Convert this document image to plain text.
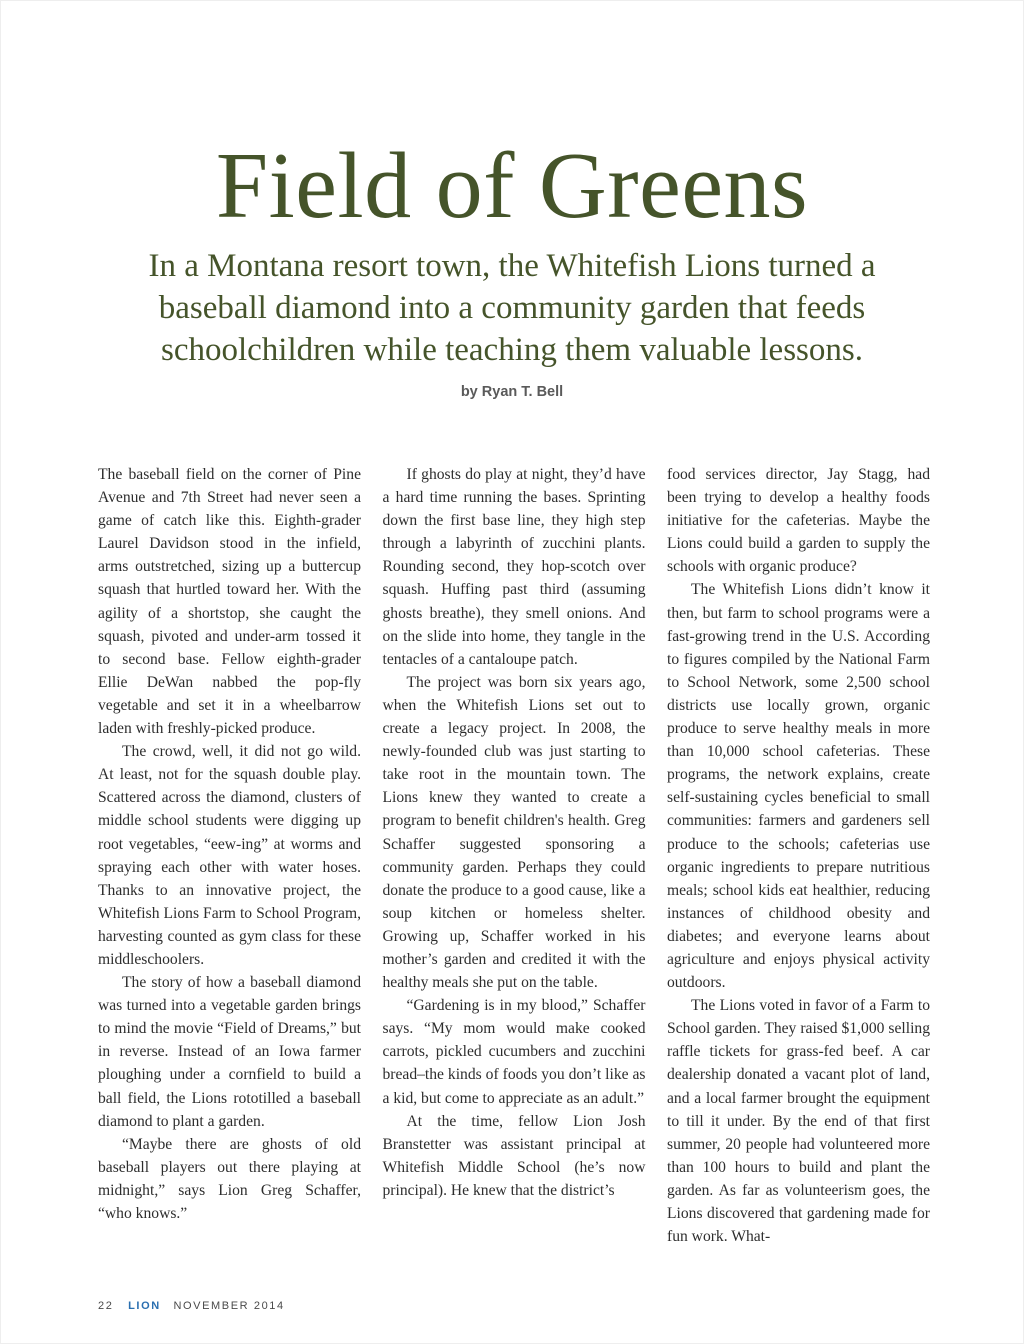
Field of Greens
In a Montana resort town, the Whitefish Lions turned a baseball diamond into a community garden that feeds schoolchildren while teaching them valuable lessons.
by Ryan T. Bell

The baseball field on the corner of Pine Avenue and 7th Street had never seen a game of catch like this. Eighth-grader Laurel Davidson stood in the infield, arms outstretched, sizing up a buttercup squash that hurtled toward her. With the agility of a shortstop, she caught the squash, pivoted and under-arm tossed it to second base. Fellow eighth-grader Ellie DeWan nabbed the pop-fly vegetable and set it in a wheelbarrow laden with freshly-picked produce.

The crowd, well, it did not go wild. At least, not for the squash double play. Scattered across the diamond, clusters of middle school students were digging up root vegetables, “eew-ing” at worms and spraying each other with water hoses. Thanks to an innovative project, the Whitefish Lions Farm to School Program, harvesting counted as gym class for these middleschoolers.

The story of how a baseball diamond was turned into a vegetable garden brings to mind the movie “Field of Dreams,” but in reverse. Instead of an Iowa farmer ploughing under a cornfield to build a ball field, the Lions rototilled a baseball diamond to plant a garden.

“Maybe there are ghosts of old baseball players out there playing at midnight,” says Lion Greg Schaffer, “who knows.”

If ghosts do play at night, they’d have a hard time running the bases. Sprinting down the first base line, they high step through a labyrinth of zucchini plants. Rounding second, they hop-scotch over squash. Huffing past third (assuming ghosts breathe), they smell onions. And on the slide into home, they tangle in the tentacles of a cantaloupe patch.

The project was born six years ago, when the Whitefish Lions set out to create a legacy project. In 2008, the newly-founded club was just starting to take root in the mountain town. The Lions knew they wanted to create a program to benefit children's health. Greg Schaffer suggested sponsoring a community garden. Perhaps they could donate the produce to a good cause, like a soup kitchen or homeless shelter. Growing up, Schaffer worked in his mother’s garden and credited it with the healthy meals she put on the table.

“Gardening is in my blood,” Schaffer says. “My mom would make cooked carrots, pickled cucumbers and zucchini bread–the kinds of foods you don’t like as a kid, but come to appreciate as an adult.”

At the time, fellow Lion Josh Branstetter was assistant principal at Whitefish Middle School (he’s now principal). He knew that the district’s

food services director, Jay Stagg, had been trying to develop a healthy foods initiative for the cafeterias. Maybe the Lions could build a garden to supply the schools with organic produce?

The Whitefish Lions didn’t know it then, but farm to school programs were a fast-growing trend in the U.S. According to figures compiled by the National Farm to School Network, some 2,500 school districts use locally grown, organic produce to serve healthy meals in more than 10,000 school cafeterias. These programs, the network explains, create self-sustaining cycles beneficial to small communities: farmers and gardeners sell produce to the schools; cafeterias use organic ingredients to prepare nutritious meals; school kids eat healthier, reducing instances of childhood obesity and diabetes; and everyone learns about agriculture and enjoys physical activity outdoors.

The Lions voted in favor of a Farm to School garden. They raised $1,000 selling raffle tickets for grass-fed beef. A car dealership donated a vacant plot of land, and a local farmer brought the equipment to till it under. By the end of that first summer, 20 people had volunteered more than 100 hours to build and plant the garden. As far as volunteerism goes, the Lions discovered that gardening made for fun work. What-

22 LION NOVEMBER 2014
